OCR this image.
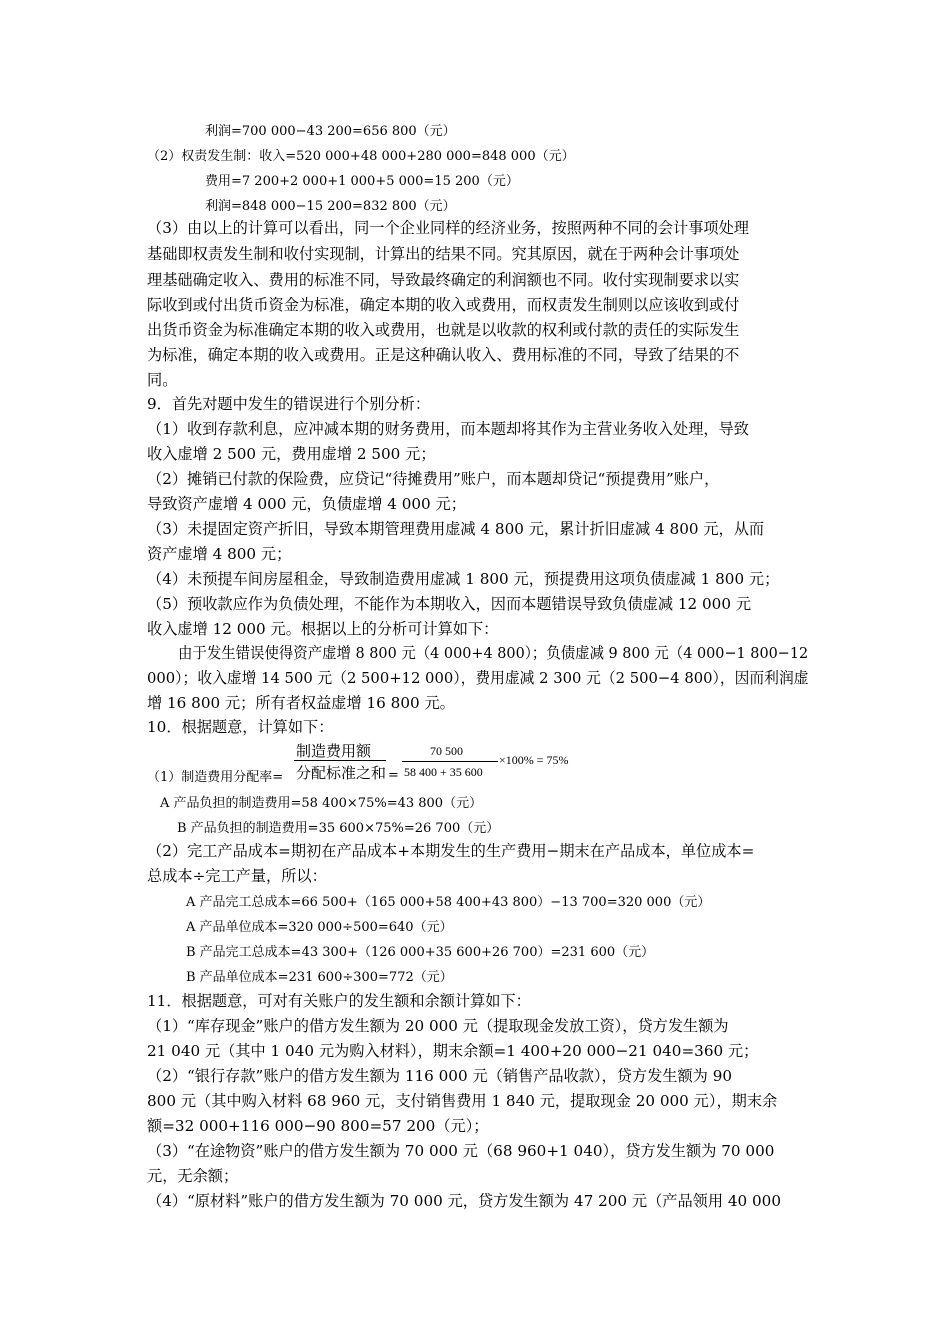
利润=700 000−43 200=656 800（元）
（2）权责发生制：收入=520 000+48 000+280 000=848 000（元）
费用=7 200+2 000+1 000+5 000=15 200（元）
利润=848 000−15 200=832 800（元）
（3）由以上的计算可以看出，同一个企业同样的经济业务，按照两种不同的会计事项处理
基础即权责发生制和收付实现制，计算出的结果不同。究其原因，就在于两种会计事项处
理基础确定收入、费用的标准不同，导致最终确定的利润额也不同。收付实现制要求以实
际收到或付出货币资金为标准，确定本期的收入或费用，而权责发生制则以应该收到或付
出货币资金为标准确定本期的收入或费用，也就是以收款的权利或付款的责任的实际发生
为标准，确定本期的收入或费用。正是这种确认收入、费用标准的不同，导致了结果的不
同。
9．首先对题中发生的错误进行个别分析：
（1）收到存款利息，应冲减本期的财务费用，而本题却将其作为主营业务收入处理，导致
收入虚增 2 500 元，费用虚增 2 500 元；
（2）摊销已付款的保险费，应贷记“待摊费用”账户，而本题却贷记“预提费用”账户，
导致资产虚增 4 000 元，负债虚增 4 000 元；
（3）未提固定资产折旧，导致本期管理费用虚减 4 800 元，累计折旧虚减 4 800 元，从而
资产虚增 4 800 元；
（4）未预提车间房屋租金，导致制造费用虚减 1 800 元，预提费用这项负债虚减 1 800 元；
（5）预收款应作为负债处理，不能作为本期收入，因而本题错误导致负债虚减 12 000 元
收入虚增 12 000 元。根据以上的分析可计算如下：
由于发生错误使得资产虚增 8 800 元（4 000+4 800）；负债虚减 9 800 元（4 000−1 800−12
000）；收入虚增 14 500 元（2 500+12 000），费用虚减 2 300 元（2 500−4 800），因而利润虚
增 16 800 元；所有者权益虚增 16 800 元。
10．根据题意，计算如下：
（1）制造费用分配率=
制造费用额
分配标准之和 =
70 500
58 400 + 35 600
×100% = 75%
A 产品负担的制造费用=58 400×75%=43 800（元）
B 产品负担的制造费用=35 600×75%=26 700（元）
（2）完工产品成本=期初在产品成本+本期发生的生产费用−期末在产品成本，单位成本=
总成本÷完工产量，所以：
A 产品完工总成本=66 500+（165 000+58 400+43 800）−13 700=320 000（元）
A 产品单位成本=320 000÷500=640（元）
B 产品完工总成本=43 300+（126 000+35 600+26 700）=231 600（元）
B 产品单位成本=231 600÷300=772（元）
11．根据题意，可对有关账户的发生额和余额计算如下：
（1）“库存现金”账户的借方发生额为 20 000 元（提取现金发放工资），贷方发生额为
21 040 元（其中 1 040 元为购入材料），期末余额=1 400+20 000−21 040=360 元；
（2）“银行存款”账户的借方发生额为 116 000 元（销售产品收款），贷方发生额为 90
800 元（其中购入材料 68 960 元，支付销售费用 1 840 元，提取现金 20 000 元），期末余
额=32 000+116 000−90 800=57 200（元）；
（3）“在途物资”账户的借方发生额为 70 000 元（68 960+1 040），贷方发生额为 70 000
元，无余额；
（4）“原材料”账户的借方发生额为 70 000 元，贷方发生额为 47 200 元（产品领用 40 000
